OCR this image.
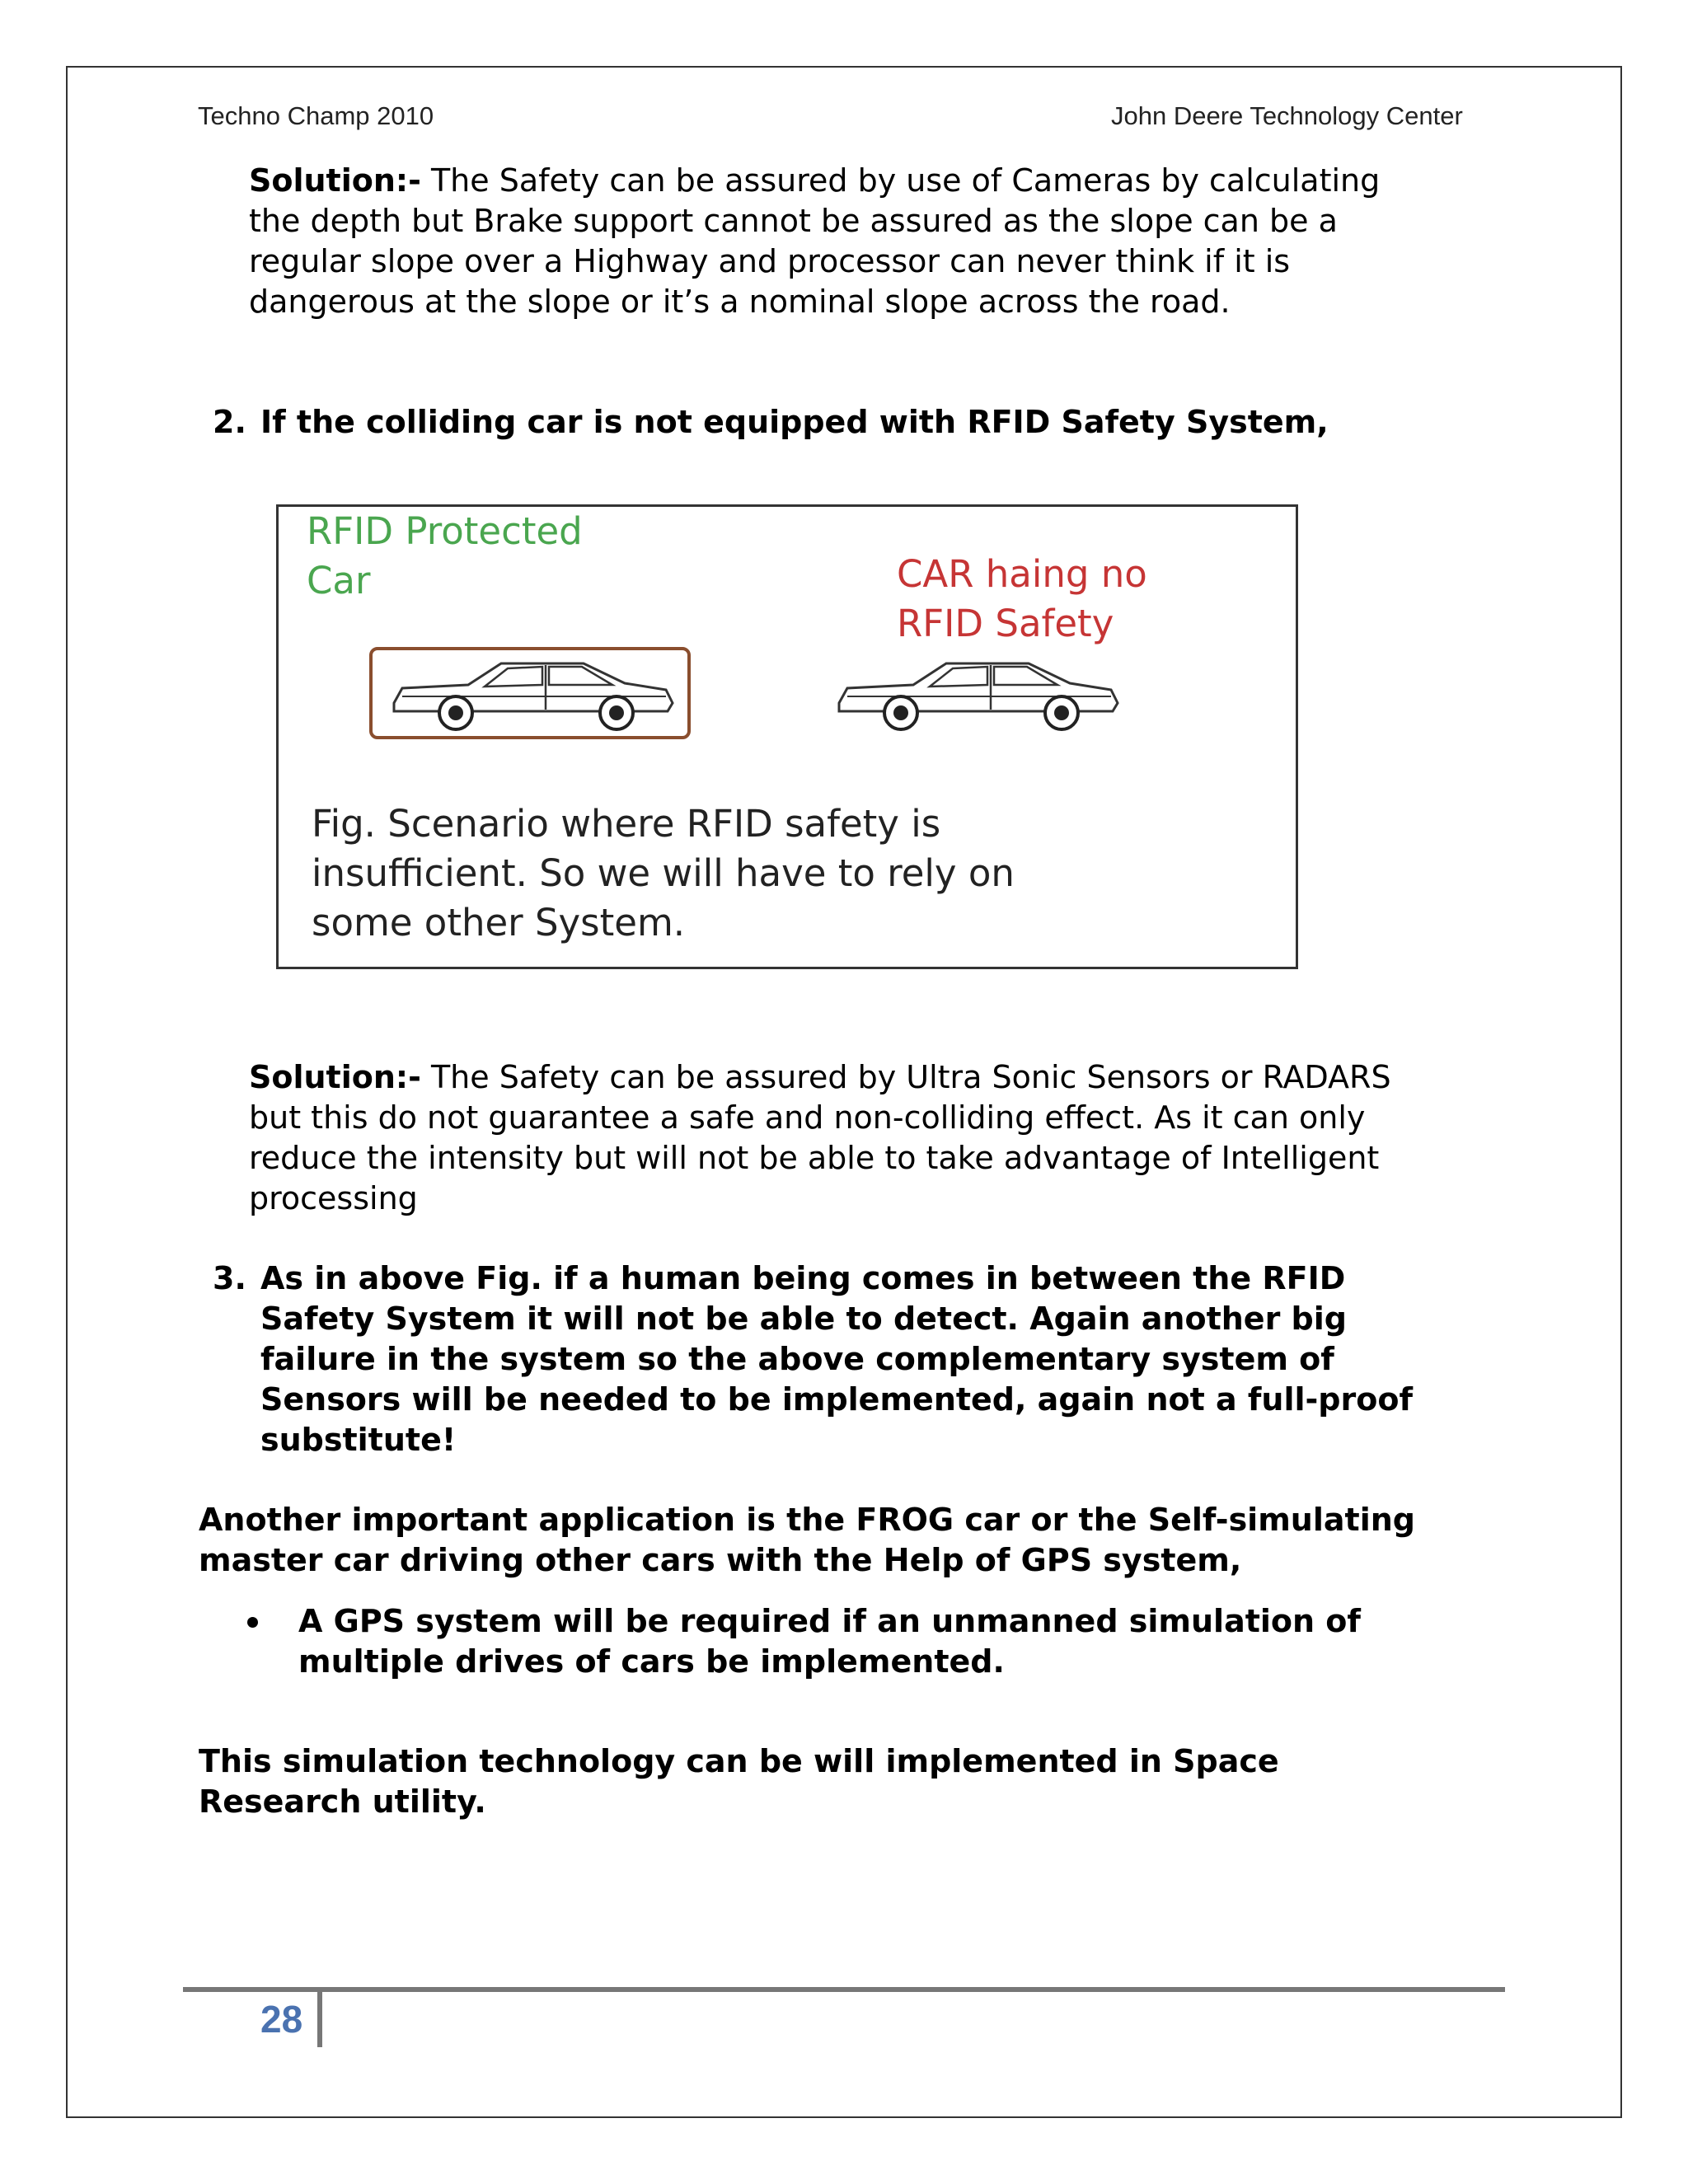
Techno Champ 2010	John Deere Technology Center
Solution:- The Safety can be assured by use of Cameras by calculating
the depth but Brake support cannot be assured as the slope can be a
regular slope over a Highway and processor can never think if it is
dangerous at the slope or it’s a nominal slope across the road.
2. If the colliding car is not equipped with RFID Safety System,
RFID Protected
Car	CAR haing no
RFID Safety
Fig. Scenario where RFID safety is
insufficient. So we will have to rely on
some other System.
Solution:- The Safety can be assured by Ultra Sonic Sensors or RADARS
but this do not guarantee a safe and non-colliding effect. As it can only
reduce the intensity but will not be able to take advantage of Intelligent
processing
3. As in above Fig. if a human being comes in between the RFID
Safety System it will not be able to detect. Again another big
failure in the system so the above complementary system of
Sensors will be needed to be implemented, again not a full-proof
substitute!
Another important application is the FROG car or the Self-simulating
master car driving other cars with the Help of GPS system,
A GPS system will be required if an unmanned simulation of
multiple drives of cars be implemented.
This simulation technology can be will implemented in Space
Research utility.
28
